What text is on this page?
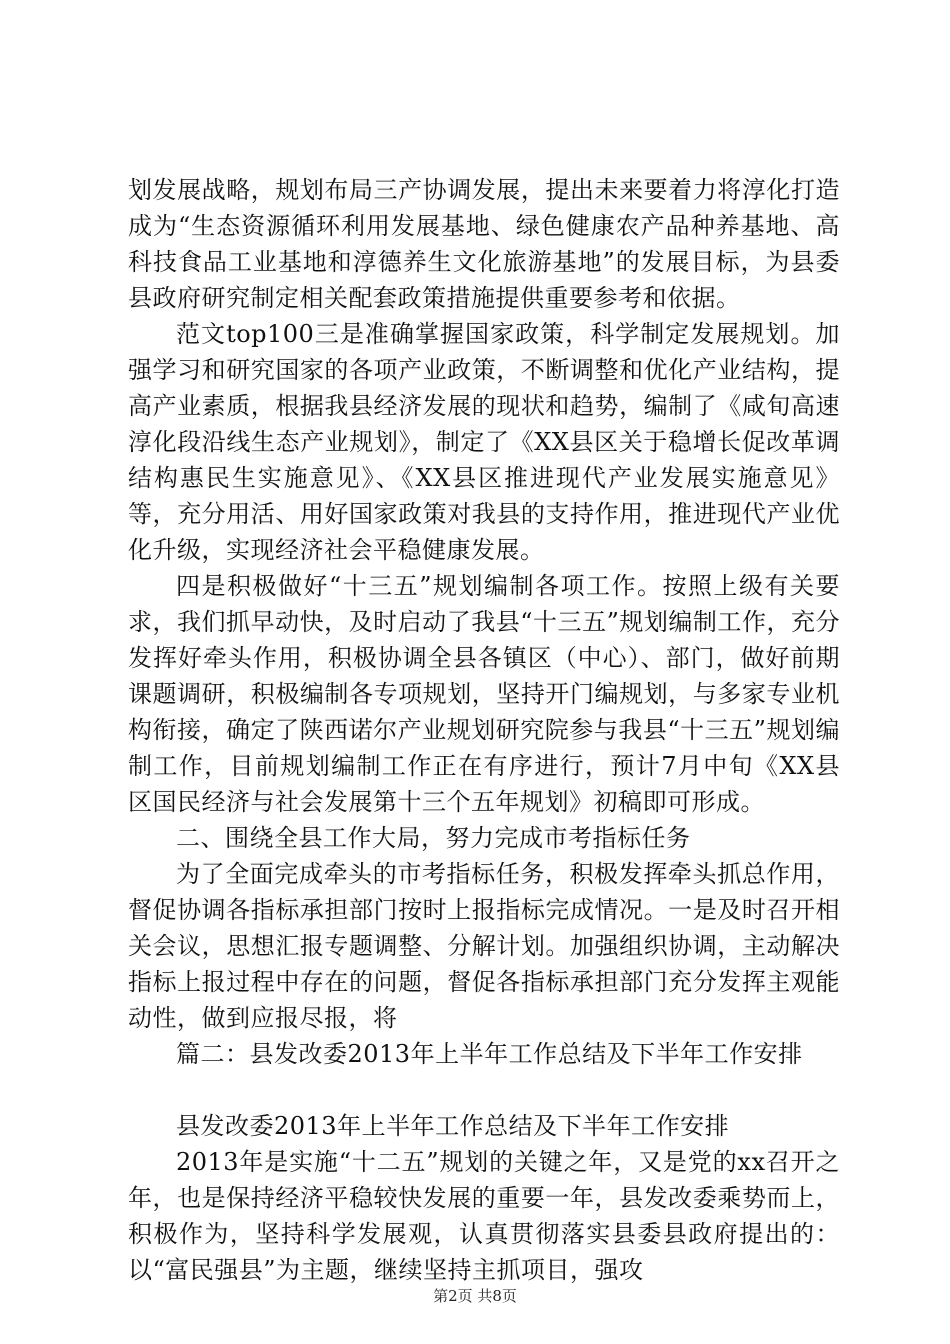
划发展战略，规划布局三产协调发展，提出未来要着力将淳化打造成为“生态资源循环利用发展基地、绿色健康农产品种养基地、高科技食品工业基地和淳德养生文化旅游基地”的发展目标，为县委县政府研究制定相关配套政策措施提供重要参考和依据。

范文top100三是准确掌握国家政策，科学制定发展规划。加强学习和研究国家的各项产业政策，不断调整和优化产业结构，提高产业素质，根据我县经济发展的现状和趋势，编制了《咸旬高速淳化段沿线生态产业规划》，制定了《XX县区关于稳增长促改革调结构惠民生实施意见》、《XX县区推进现代产业发展实施意见》等，充分用活、用好国家政策对我县的支持作用，推进现代产业优化升级，实现经济社会平稳健康发展。

四是积极做好“十三五”规划编制各项工作。按照上级有关要求，我们抓早动快，及时启动了我县“十三五”规划编制工作，充分发挥好牵头作用，积极协调全县各镇区（中心）、部门，做好前期课题调研，积极编制各专项规划，坚持开门编规划，与多家专业机构衔接，确定了陕西诺尔产业规划研究院参与我县“十三五”规划编制工作，目前规划编制工作正在有序进行，预计7月中旬《XX县区国民经济与社会发展第十三个五年规划》初稿即可形成。

二、围绕全县工作大局，努力完成市考指标任务

为了全面完成牵头的市考指标任务，积极发挥牵头抓总作用，督促协调各指标承担部门按时上报指标完成情况。一是及时召开相关会议，思想汇报专题调整、分解计划。加强组织协调，主动解决指标上报过程中存在的问题，督促各指标承担部门充分发挥主观能动性，做到应报尽报，将

篇二：县发改委2013年上半年工作总结及下半年工作安排

县发改委2013年上半年工作总结及下半年工作安排

2013年是实施“十二五”规划的关键之年，又是党的xx召开之年，也是保持经济平稳较快发展的重要一年，县发改委乘势而上，积极作为，坚持科学发展观，认真贯彻落实县委县政府提出的：以“富民强县”为主题，继续坚持主抓项目，强攻

第2页 共8页
